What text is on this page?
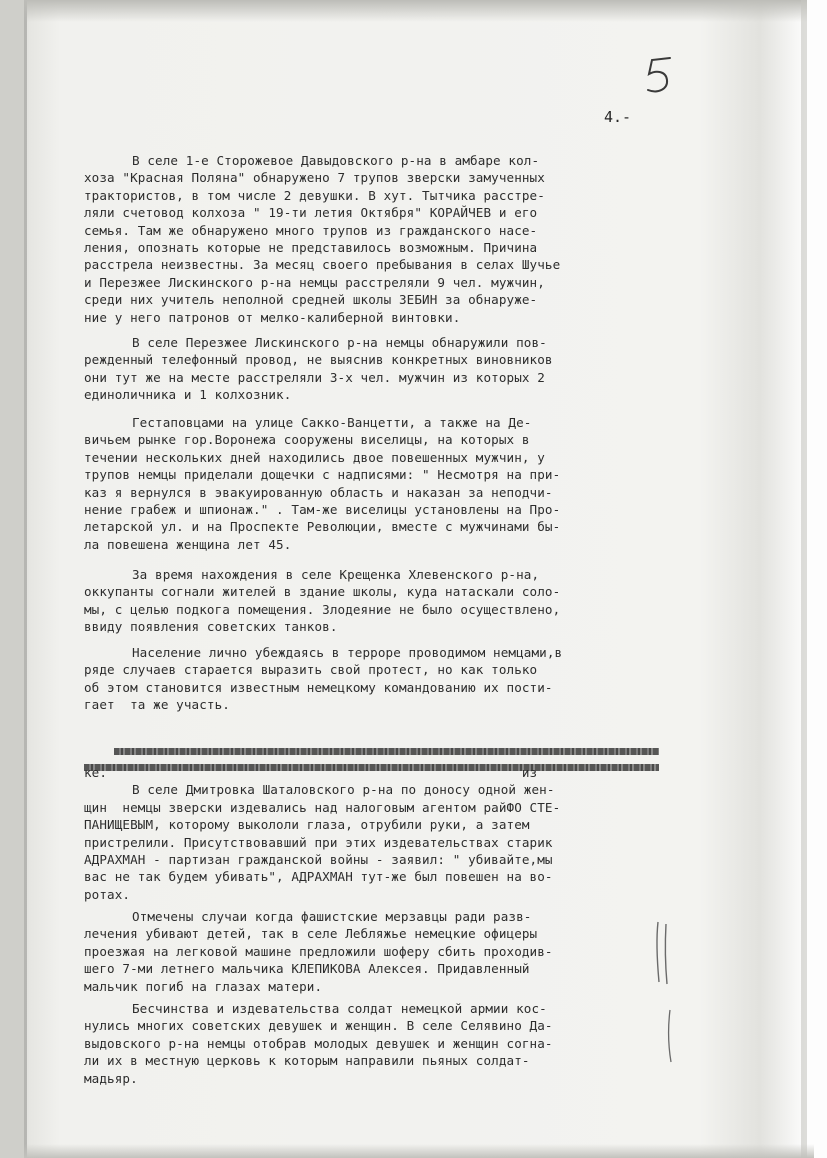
4.-

В селе 1-е Сторожевое Давыдовского р-на в амбаре кол-

хоза "Красная Поляна" обнаружено 7 трупов зверски замученных

трактористов, в том числе 2 девушки. В хут. Тытчика расстре-

ляли счетовод колхоза " 19-ти летия Октября" КОРАЙЧЕВ и его

семья. Там же обнаружено много трупов из гражданского насе-

ления, опознать которые не представилось возможным. Причина

расстрела неизвестны. За месяц своего пребывания в селах Шучье

и Перезжее Лискинского р-на немцы расстреляли 9 чел. мужчин,

среди них учитель неполной средней школы ЗЕБИН за обнаруже-

ние у него патронов от мелко-калиберной винтовки.

В селе Перезжее Лискинского р-на немцы обнаружили пов-

режденный телефонный провод, не выяснив конкретных виновников

они тут же на месте расстреляли 3-х чел. мужчин из которых 2

единоличника и 1 колхозник.

Гестаповцами на улице Сакко-Ванцетти, а также на Де-

вичьем рынке гор.Воронежа сооружены виселицы, на которых в

течении нескольких дней находились двое повешенных мужчин, у

трупов немцы приделали дощечки с надписями: " Несмотря на при-

каз я вернулся в эвакуированную область и наказан за неподчи-

нение грабеж и шпионаж." . Там-же виселицы установлены на Про-

летарской ул. и на Проспекте Революции, вместе с мужчинами бы-

ла повешена женщина лет 45.

За время нахождения в селе Крещенка Хлевенского р-на,

оккупанты согнали жителей в здание школы, куда натаскали соло-

мы, с целью подкога помещения. Злодеяние не было осуществлено,

ввиду появления советских танков.

Население лично убеждаясь в терроре проводимом немцами,в

ряде случаев старается выразить свой протест, но как только

об этом становится известным немецкому командованию их пости-

гает  та же участь.

ке.                                                      из

В селе Дмитровка Шаталовского р-на по доносу одной жен-

щин  немцы зверски издевались над налоговым агентом райФО СТЕ-

ПАНИЩЕВЫМ, которому выкололи глаза, отрубили руки, а затем

пристрелили. Присутствовавший при этих издевательствах старик

АДРАХМАН - партизан гражданской войны - заявил: " убивайте,мы

вас не так будем убивать", АДРАХМАН тут-же был повешен на во-

ротах.

Отмечены случаи когда фашистские мерзавцы ради разв-

лечения убивают детей, так в селе Лебляжье немецкие офицеры

проезжая на легковой машине предложили шоферу сбить проходив-

шего 7-ми летнего мальчика КЛЕПИКОВА Алексея. Придавленный

мальчик погиб на глазах матери.

Бесчинства и издевательства солдат немецкой армии кос-

нулись многих советских девушек и женщин. В селе Селявино Да-

выдовского р-на немцы отобрав молодых девушек и женщин согна-

ли их в местную церковь к которым направили пьяных солдат-

мадьяр.
